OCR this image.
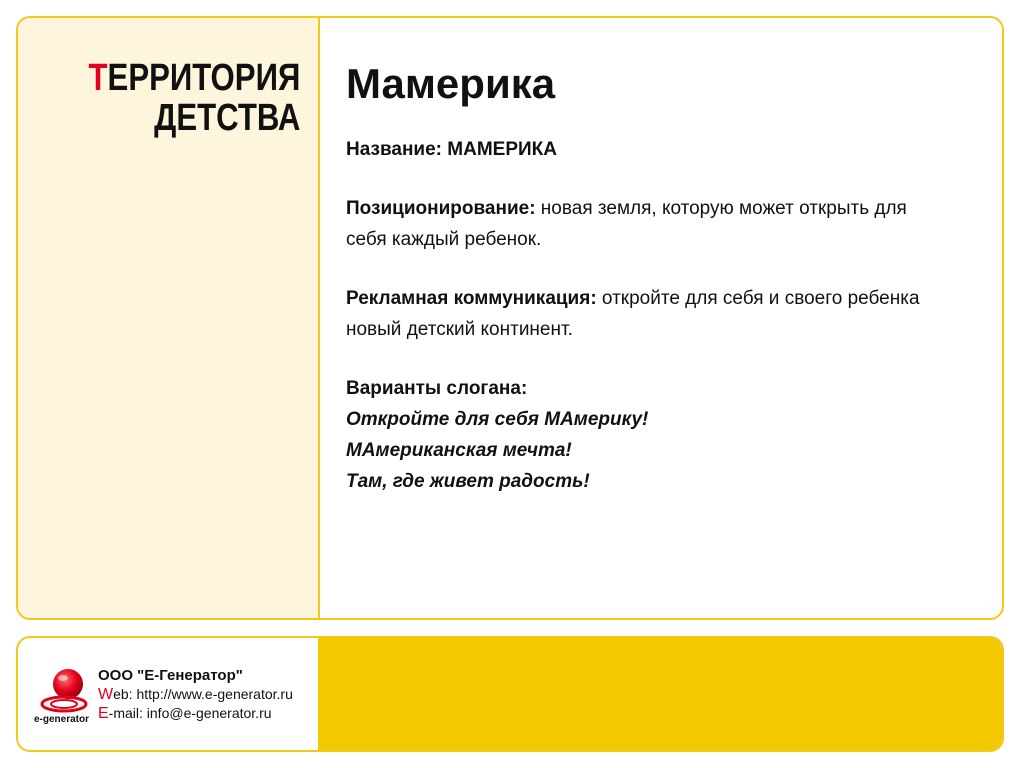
ТЕРРИТОРИЯ
ДЕТСТВА
Мамерика

Название: МАМЕРИКА

Позиционирование: новая земля, которую может открыть для себя каждый ребенок.

Рекламная коммуникация: откройте для себя и своего ребенка новый детский континент.

Варианты слогана:
Откройте для себя МАмерику!
МАмериканская мечта!
Там, где живет радость!
e-generator
ООО "Е-Генератор"
Web: http://www.e-generator.ru
E-mail: info@e-generator.ru
